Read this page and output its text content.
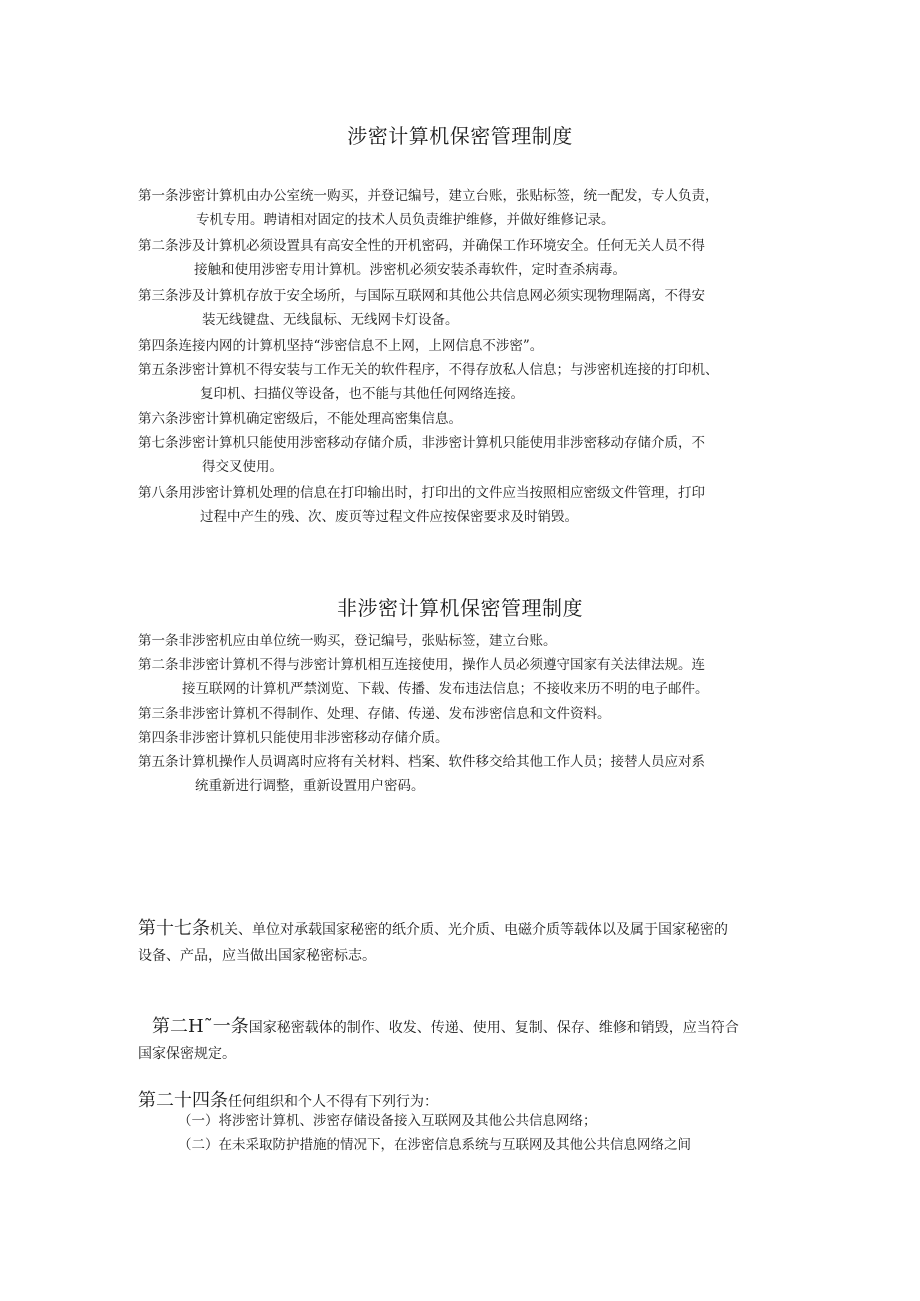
涉密计算机保密管理制度
第一条涉密计算机由办公室统一购买，并登记编号，建立台账，张贴标签，统一配发，专人负责，
专机专用。聘请相对固定的技术人员负责维护维修，并做好维修记录。
第二条涉及计算机必须设置具有高安全性的开机密码，并确保工作环境安全。任何无关人员不得
接触和使用涉密专用计算机。涉密机必须安装杀毒软件，定时查杀病毒。
第三条涉及计算机存放于安全场所，与国际互联网和其他公共信息网必须实现物理隔离，不得安
装无线键盘、无线鼠标、无线网卡灯设备。
第四条连接内网的计算机坚持“涉密信息不上网，上网信息不涉密”。
第五条涉密计算机不得安装与工作无关的软件程序，不得存放私人信息；与涉密机连接的打印机、
复印机、扫描仪等设备，也不能与其他任何网络连接。
第六条涉密计算机确定密级后，不能处理高密集信息。
第七条涉密计算机只能使用涉密移动存储介质，非涉密计算机只能使用非涉密移动存储介质，不
得交叉使用。
第八条用涉密计算机处理的信息在打印输出时，打印出的文件应当按照相应密级文件管理，打印
过程中产生的残、次、废页等过程文件应按保密要求及时销毁。
非涉密计算机保密管理制度
第一条非涉密机应由单位统一购买，登记编号，张贴标签，建立台账。
第二条非涉密计算机不得与涉密计算机相互连接使用，操作人员必须遵守国家有关法律法规。连
接互联网的计算机严禁浏览、下载、传播、发布违法信息；不接收来历不明的电子邮件。
第三条非涉密计算机不得制作、处理、存储、传递、发布涉密信息和文件资料。
第四条非涉密计算机只能使用非涉密移动存储介质。
第五条计算机操作人员调离时应将有关材料、档案、软件移交给其他工作人员；接替人员应对系
统重新进行调整，重新设置用户密码。
第十七条机关、单位对承载国家秘密的纸介质、光介质、电磁介质等载体以及属于国家秘密的
设备、产品，应当做出国家秘密标志。
第二H˜一条国家秘密载体的制作、收发、传递、使用、复制、保存、维修和销毁，应当符合
国家保密规定。
第二十四条任何组织和个人不得有下列行为：

（一）将涉密计算机、涉密存储设备接入互联网及其他公共信息网络；

（二）在未采取防护措施的情况下，在涉密信息系统与互联网及其他公共信息网络之间
